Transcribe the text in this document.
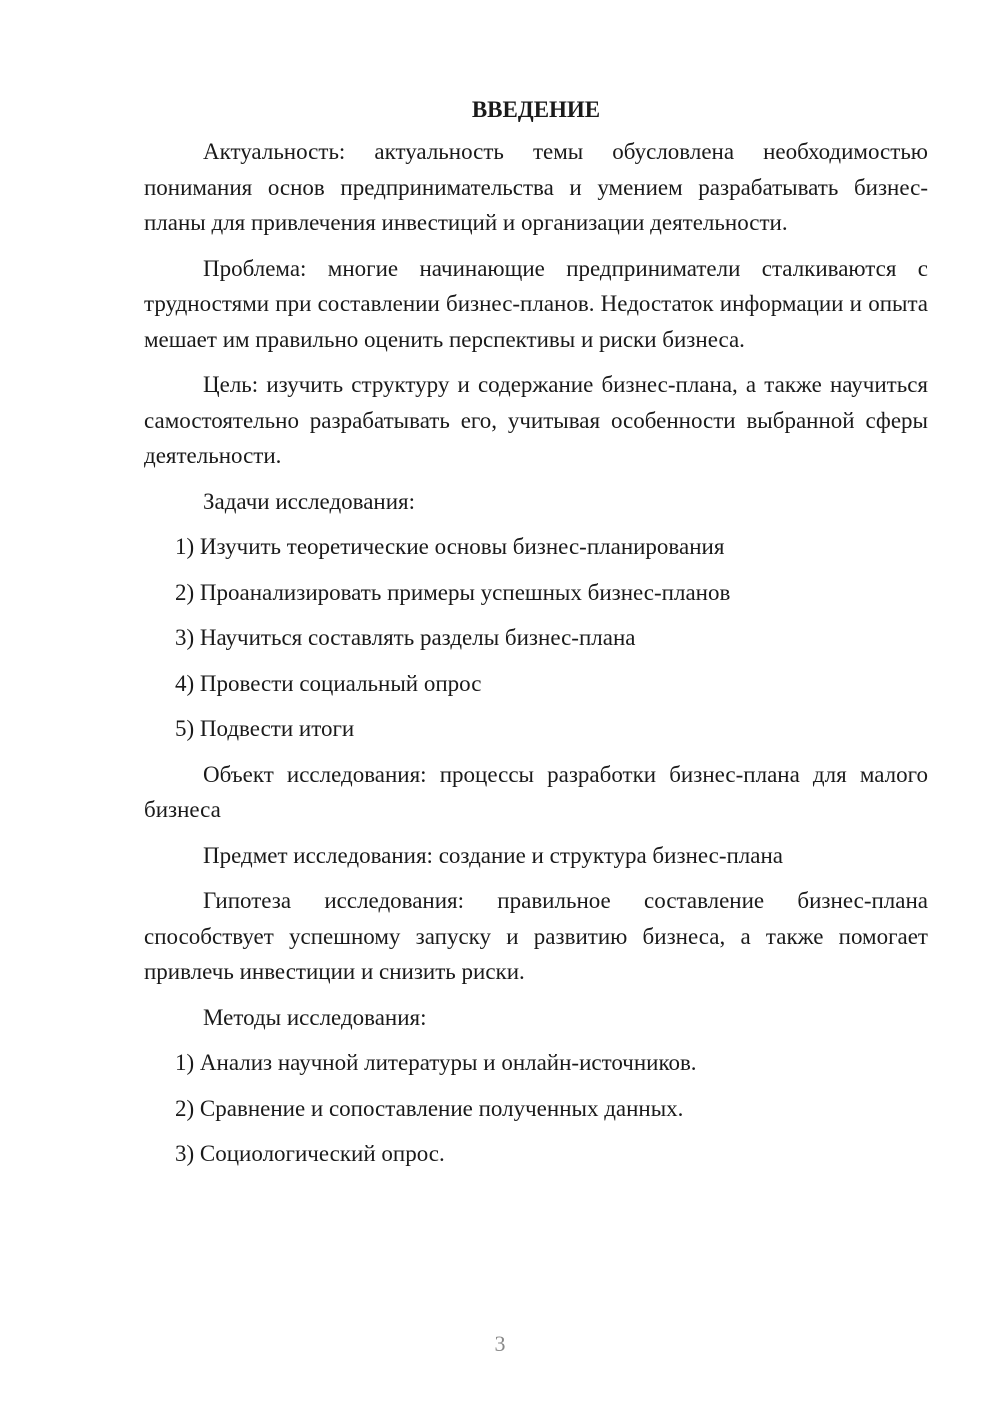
ВВЕДЕНИЕ

Актуальность: актуальность темы обусловлена необходимостью понимания основ предпринимательства и умением разрабатывать бизнес-планы для привлечения инвестиций и организации деятельности.

Проблема: многие начинающие предприниматели сталкиваются с трудностями при составлении бизнес-планов. Недостаток информации и опыта мешает им правильно оценить перспективы и риски бизнеса.

Цель: изучить структуру и содержание бизнес-плана, а также научиться самостоятельно разрабатывать его, учитывая особенности выбранной сферы деятельности.

Задачи исследования:
1) Изучить теоретические основы бизнес-планирования
2) Проанализировать примеры успешных бизнес-планов
3) Научиться составлять разделы бизнес-плана
4) Провести социальный опрос
5) Подвести итоги

Объект исследования: процессы разработки бизнес-плана для малого бизнеса

Предмет исследования: создание и структура бизнес-плана

Гипотеза исследования: правильное составление бизнес-плана способствует успешному запуску и развитию бизнеса, а также помогает привлечь инвестиции и снизить риски.

Методы исследования:
1) Анализ научной литературы и онлайн-источников.
2) Сравнение и сопоставление полученных данных.
3) Социологический опрос.
3
